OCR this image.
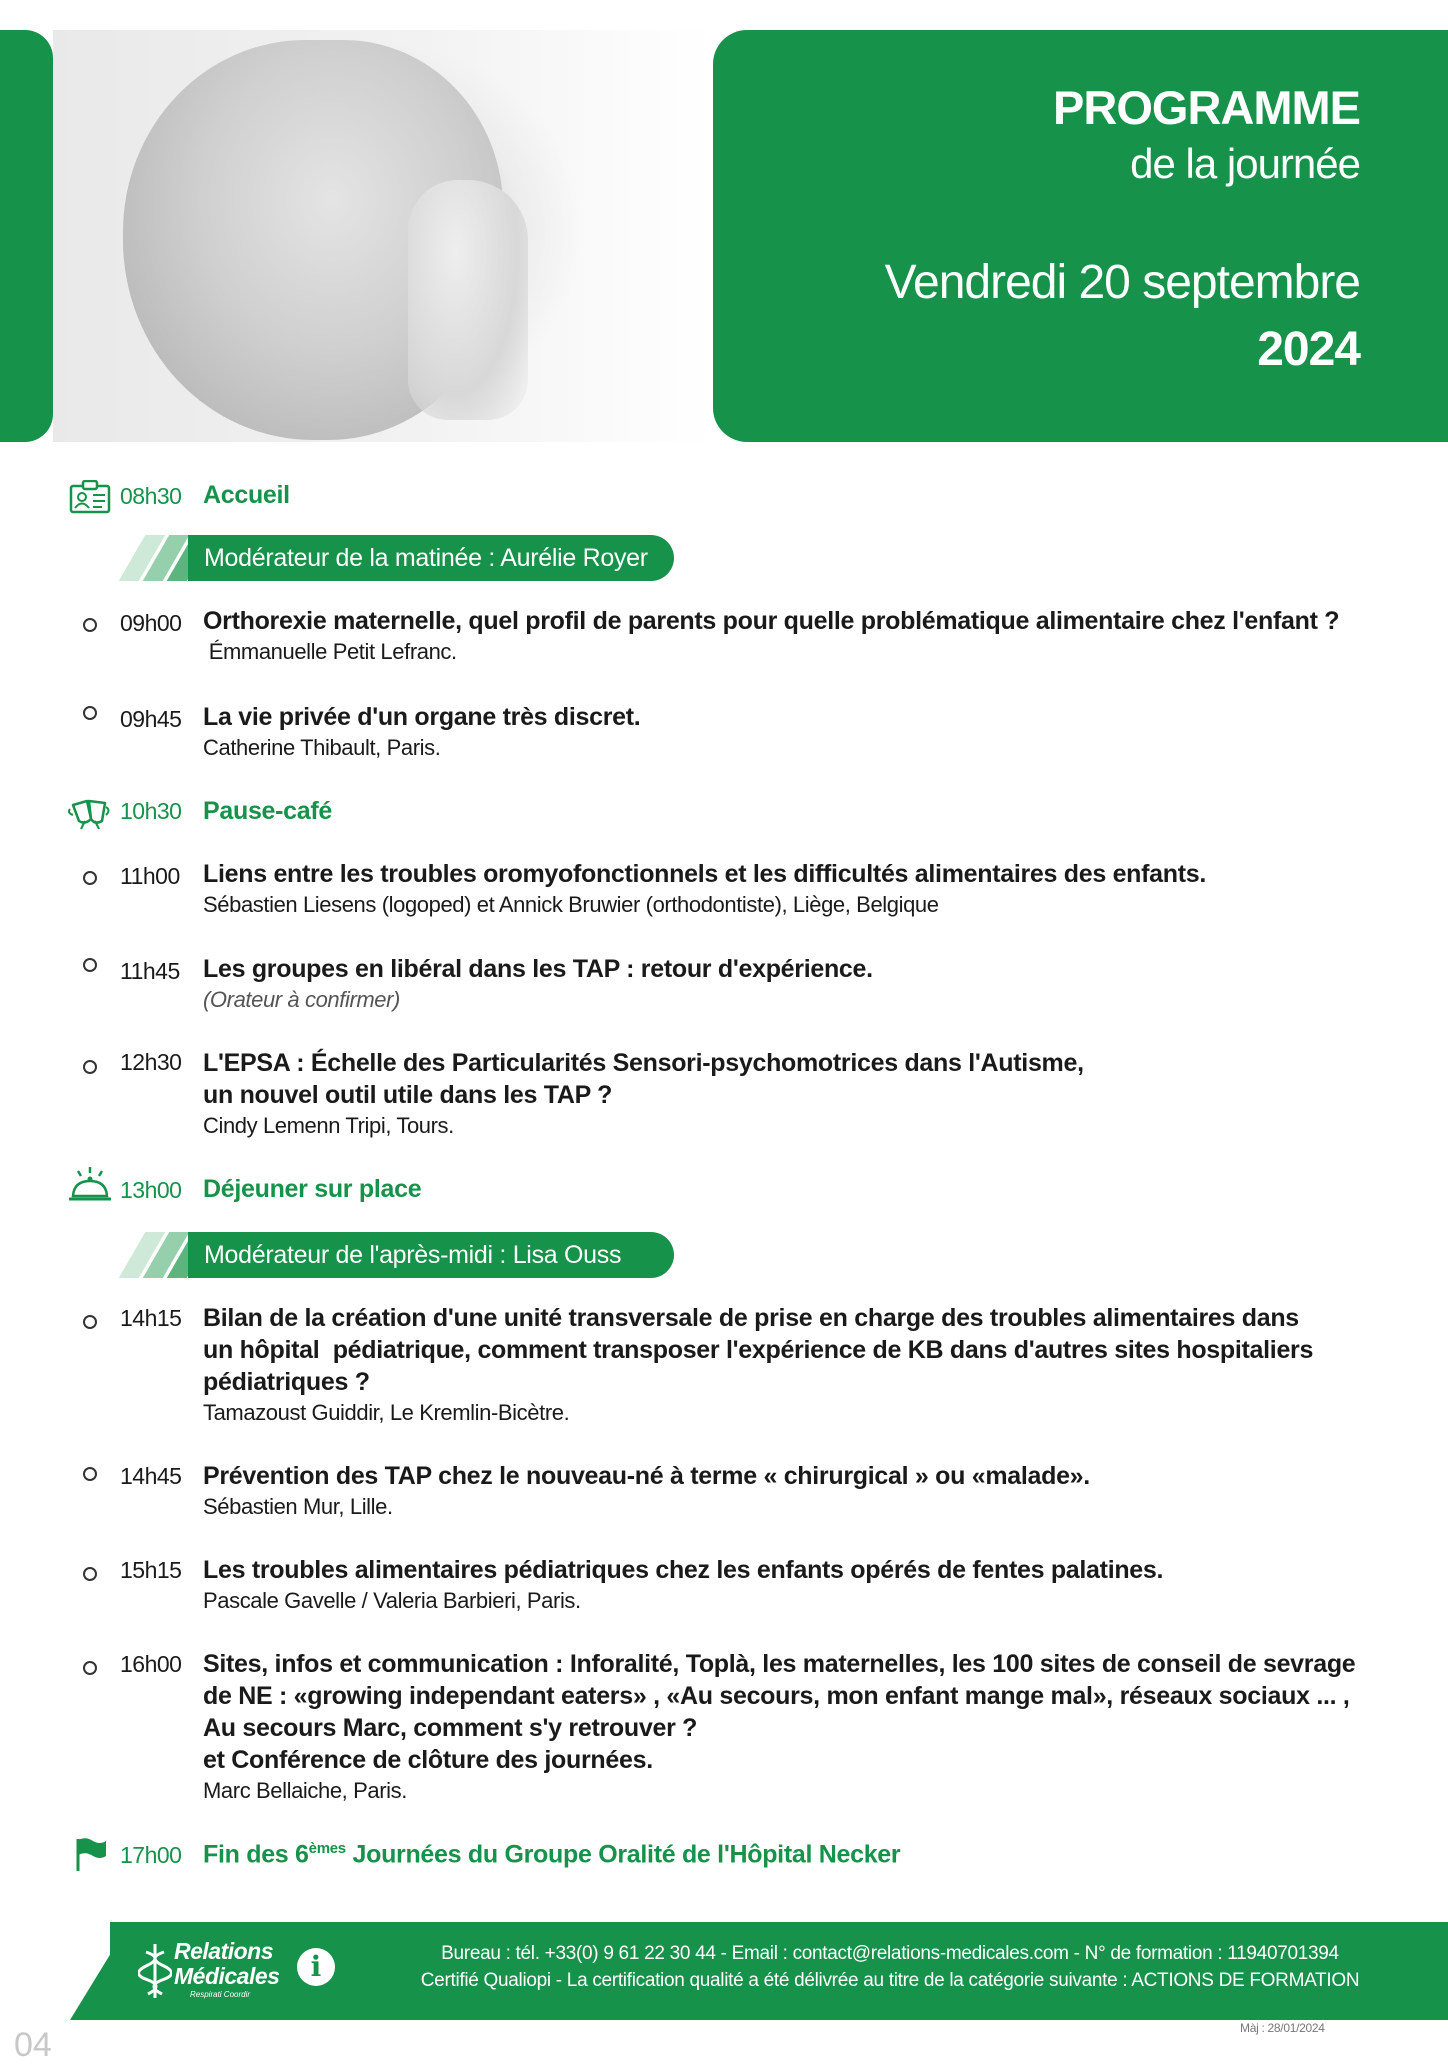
PROGRAMME
de la journée
Vendredi 20 septembre
2024
08h30 Accueil
Modérateur de la matinée : Aurélie Royer
09h00 Orthorexie maternelle, quel profil de parents pour quelle problématique alimentaire chez l'enfant ?
Émmanuelle Petit Lefranc.
09h45 La vie privée d'un organe très discret.
Catherine Thibault, Paris.
10h30 Pause-café
11h00 Liens entre les troubles oromyofonctionnels et les difficultés alimentaires des enfants.
Sébastien Liesens (logoped) et Annick Bruwier (orthodontiste), Liège, Belgique
11h45 Les groupes en libéral dans les TAP : retour d'expérience.
(Orateur à confirmer)
12h30 L'EPSA : Échelle des Particularités Sensori-psychomotrices dans l'Autisme,
un nouvel outil utile dans les TAP ?
Cindy Lemenn Tripi, Tours.
13h00 Déjeuner sur place
Modérateur de l'après-midi : Lisa Ouss
14h15 Bilan de la création d'une unité transversale de prise en charge des troubles alimentaires dans
un hôpital  pédiatrique, comment transposer l'expérience de KB dans d'autres sites hospitaliers
pédiatriques ?
Tamazoust Guiddir, Le Kremlin-Bicètre.
14h45 Prévention des TAP chez le nouveau-né à terme « chirurgical » ou «malade».
Sébastien Mur, Lille.
15h15 Les troubles alimentaires pédiatriques chez les enfants opérés de fentes palatines.
Pascale Gavelle / Valeria Barbieri, Paris.
16h00 Sites, infos et communication : Inforalité, Toplà, les maternelles, les 100 sites de conseil de sevrage
de NE : «growing independant eaters» , «Au secours, mon enfant mange mal», réseaux sociaux ... ,
Au secours Marc, comment s'y retrouver ?
et Conférence de clôture des journées.
Marc Bellaiche, Paris.
17h00 Fin des 6èmes Journées du Groupe Oralité de l'Hôpital Necker
Relations
Médicales
Respirati Coordir
i	Bureau : tél. +33(0) 9 61 22 30 44 - Email : contact@relations-medicales.com - N° de formation : 11940701394
Certifié Qualiopi - La certification qualité a été délivrée au titre de la catégorie suivante : ACTIONS DE FORMATION
04	Màj : 28/01/2024
